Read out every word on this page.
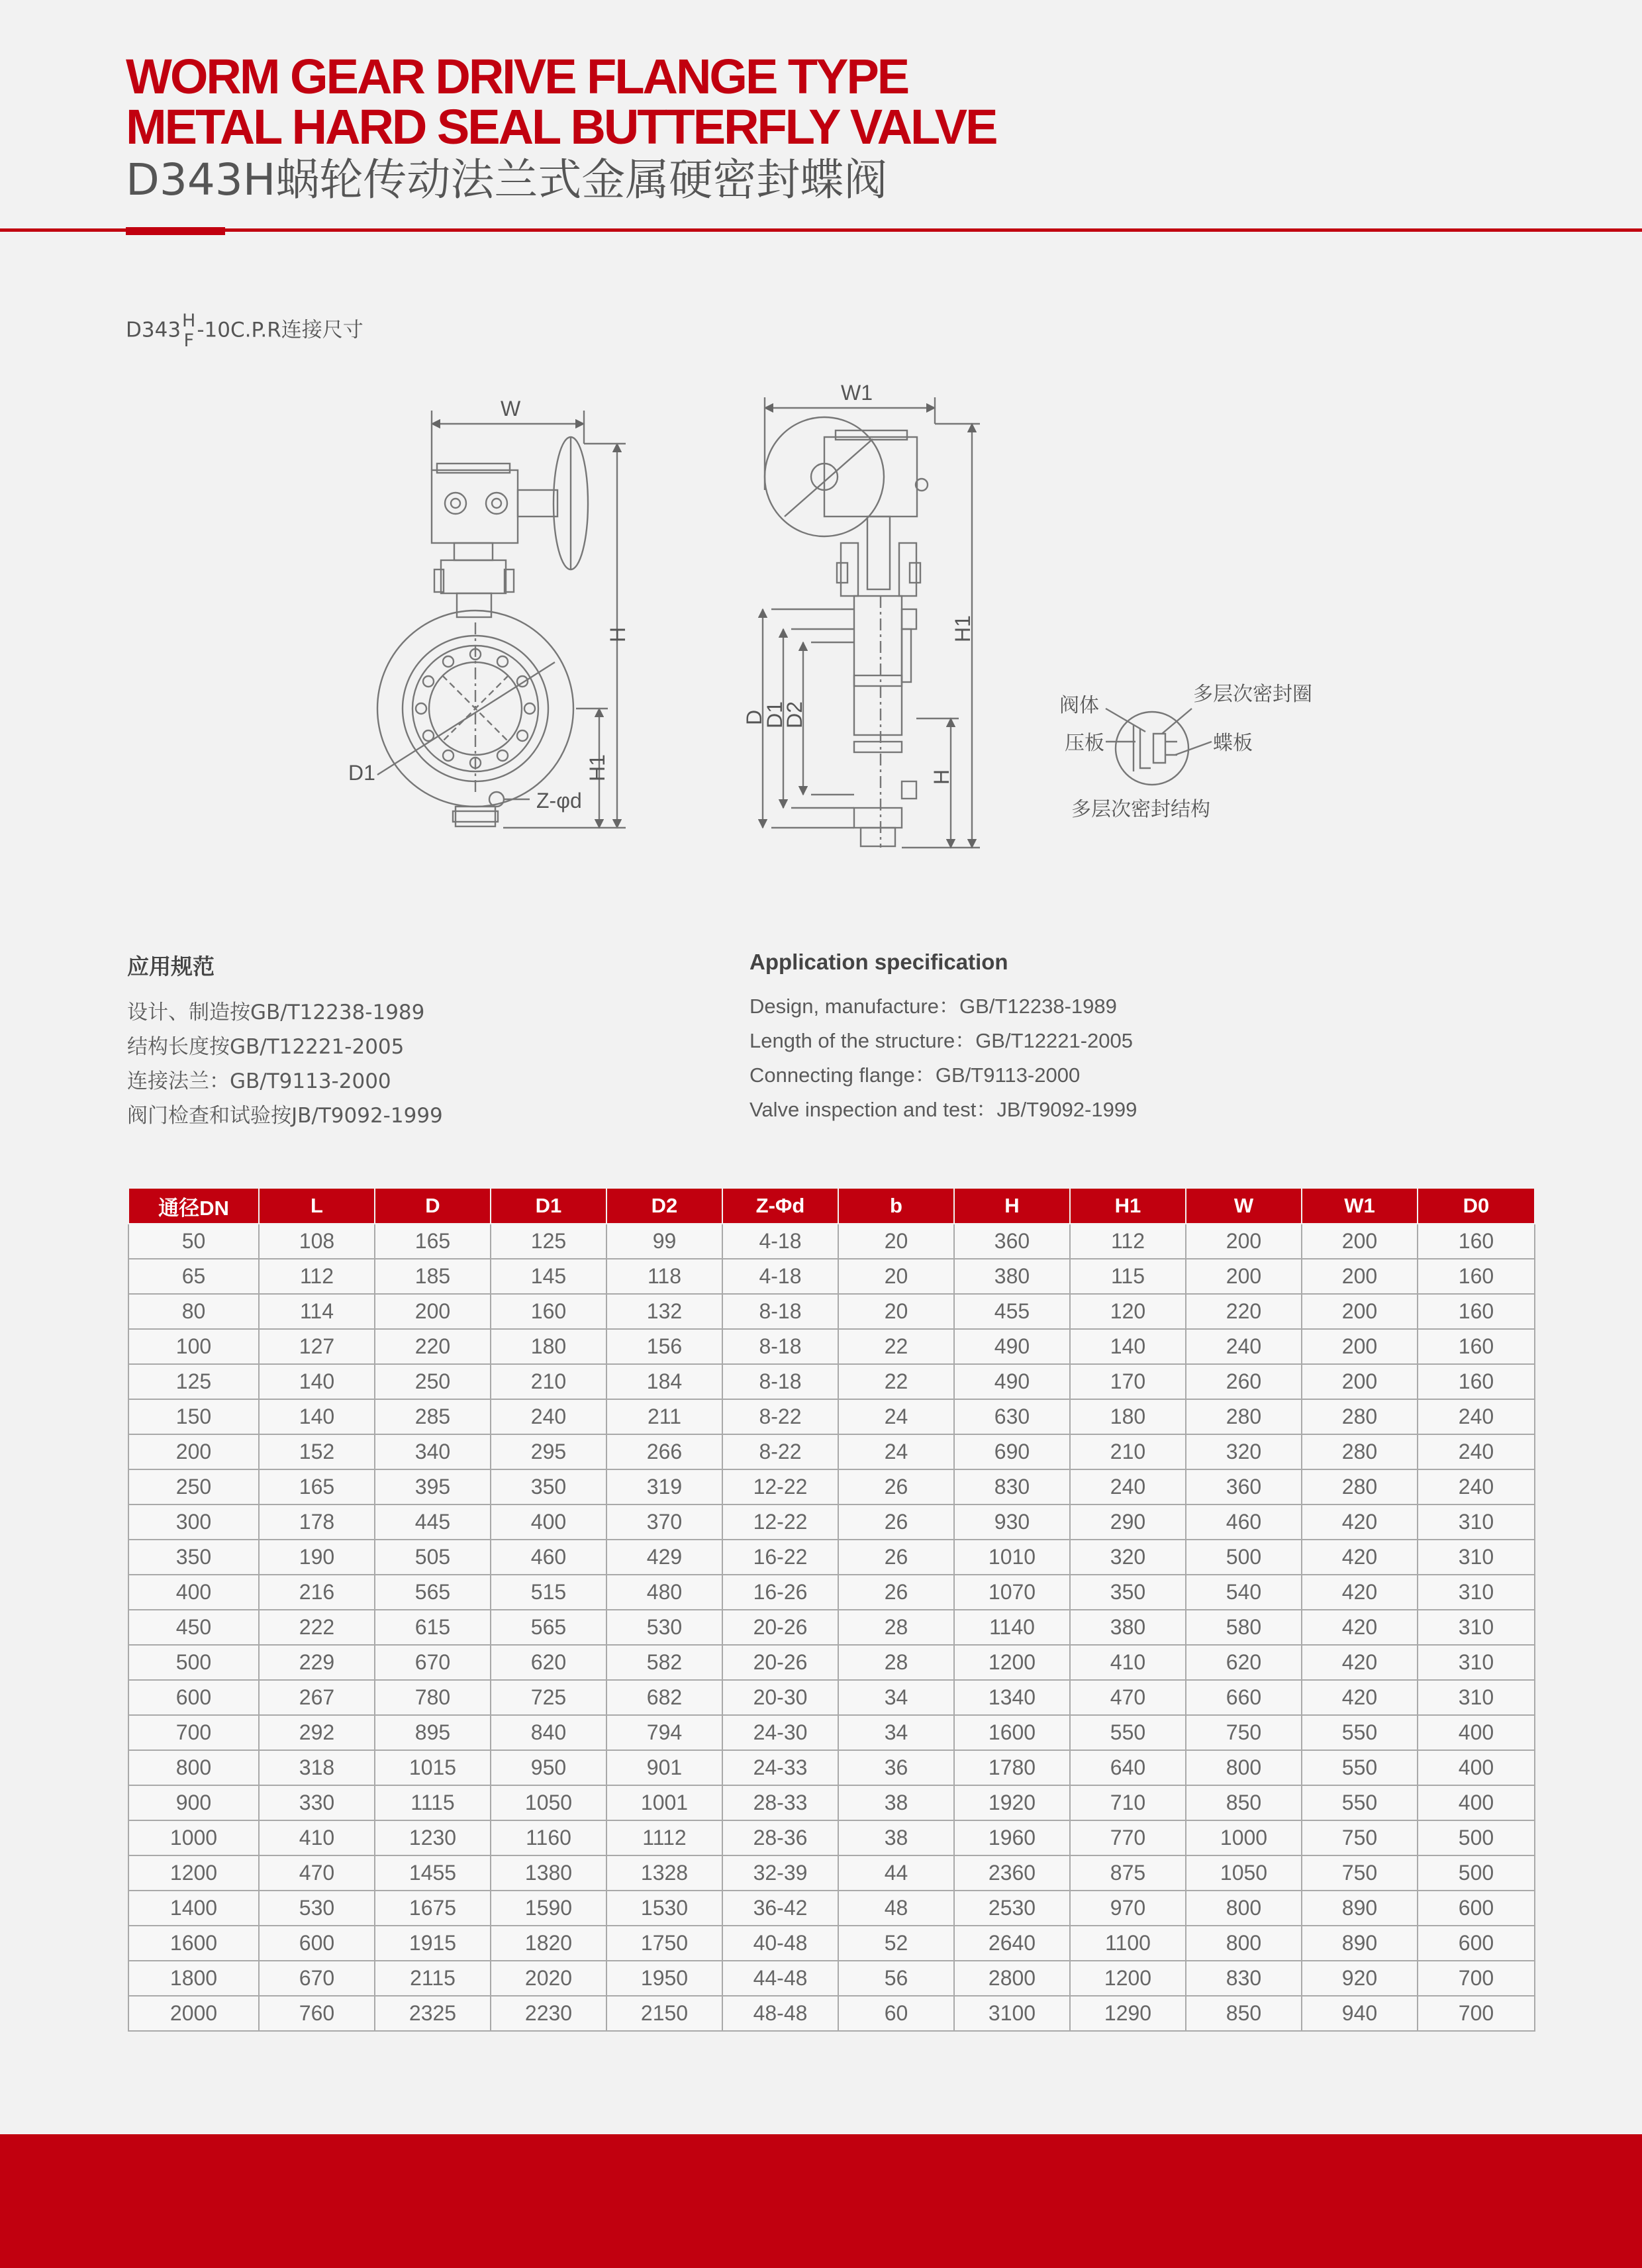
WORM GEAR DRIVE FLANGE TYPE
METAL HARD SEAL BUTTERFLY VALVE
D343H蜗轮传动法兰式金属硬密封蝶阀
D343 H
F -10C.P.R连接尺寸
W
H
H1
D1
Z-φd
W1
H1
H
D
D1
D2	阀体	多层次密封圈
压板	蝶板
多层次密封结构
应用规范
设计、制造按GB/T12238-1989
结构长度按GB/T12221-2005
连接法兰：GB/T9113-2000
阀门检查和试验按JB/T9092-1999
Application specification
Design, manufacture：GB/T12238-1989
Length of the structure：GB/T12221-2005
Connecting flange：GB/T9113-2000
Valve inspection and test：JB/T9092-1999
通径DN	L	D	D1	D2	Z-Φd	b	H	H1	W	W1	D0
50	108	165	125	99	4-18	20	360	112	200	200	160
65	112	185	145	118	4-18	20	380	115	200	200	160
80	114	200	160	132	8-18	20	455	120	220	200	160
100	127	220	180	156	8-18	22	490	140	240	200	160
125	140	250	210	184	8-18	22	490	170	260	200	160
150	140	285	240	211	8-22	24	630	180	280	280	240
200	152	340	295	266	8-22	24	690	210	320	280	240
250	165	395	350	319	12-22	26	830	240	360	280	240
300	178	445	400	370	12-22	26	930	290	460	420	310
350	190	505	460	429	16-22	26	1010	320	500	420	310
400	216	565	515	480	16-26	26	1070	350	540	420	310
450	222	615	565	530	20-26	28	1140	380	580	420	310
500	229	670	620	582	20-26	28	1200	410	620	420	310
600	267	780	725	682	20-30	34	1340	470	660	420	310
700	292	895	840	794	24-30	34	1600	550	750	550	400
800	318	1015	950	901	24-33	36	1780	640	800	550	400
900	330	1115	1050	1001	28-33	38	1920	710	850	550	400
1000	410	1230	1160	1112	28-36	38	1960	770	1000	750	500
1200	470	1455	1380	1328	32-39	44	2360	875	1050	750	500
1400	530	1675	1590	1530	36-42	48	2530	970	800	890	600
1600	600	1915	1820	1750	40-48	52	2640	1100	800	890	600
1800	670	2115	2020	1950	44-48	56	2800	1200	830	920	700
2000	760	2325	2230	2150	48-48	60	3100	1290	850	940	700
